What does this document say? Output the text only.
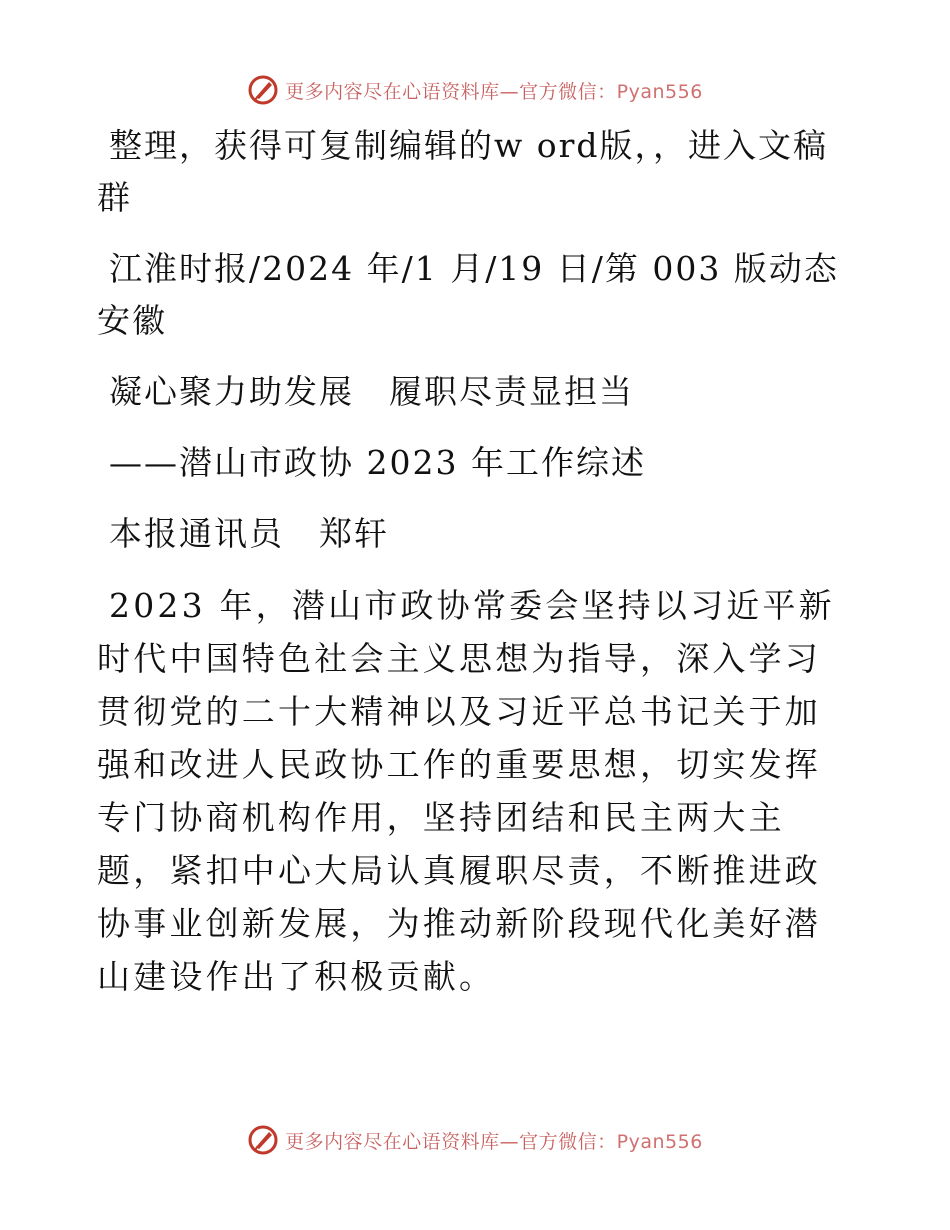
更多内容尽在心语资料库—官方微信：Pyan556

整理，获得可复制编辑的w ord版，，进入文稿群

江淮时报/2024 年/1 月/19 日/第 003 版动态安徽

凝心聚力助发展　履职尽责显担当

——潜山市政协 2023 年工作综述

本报通讯员　郑轩

2023 年，潜山市政协常委会坚持以习近平新时代中国特色社会主义思想为指导，深入学习贯彻党的二十大精神以及习近平总书记关于加强和改进人民政协工作的重要思想，切实发挥专门协商机构作用，坚持团结和民主两大主题，紧扣中心大局认真履职尽责，不断推进政协事业创新发展，为推动新阶段现代化美好潜山建设作出了积极贡献。

更多内容尽在心语资料库—官方微信：Pyan556
